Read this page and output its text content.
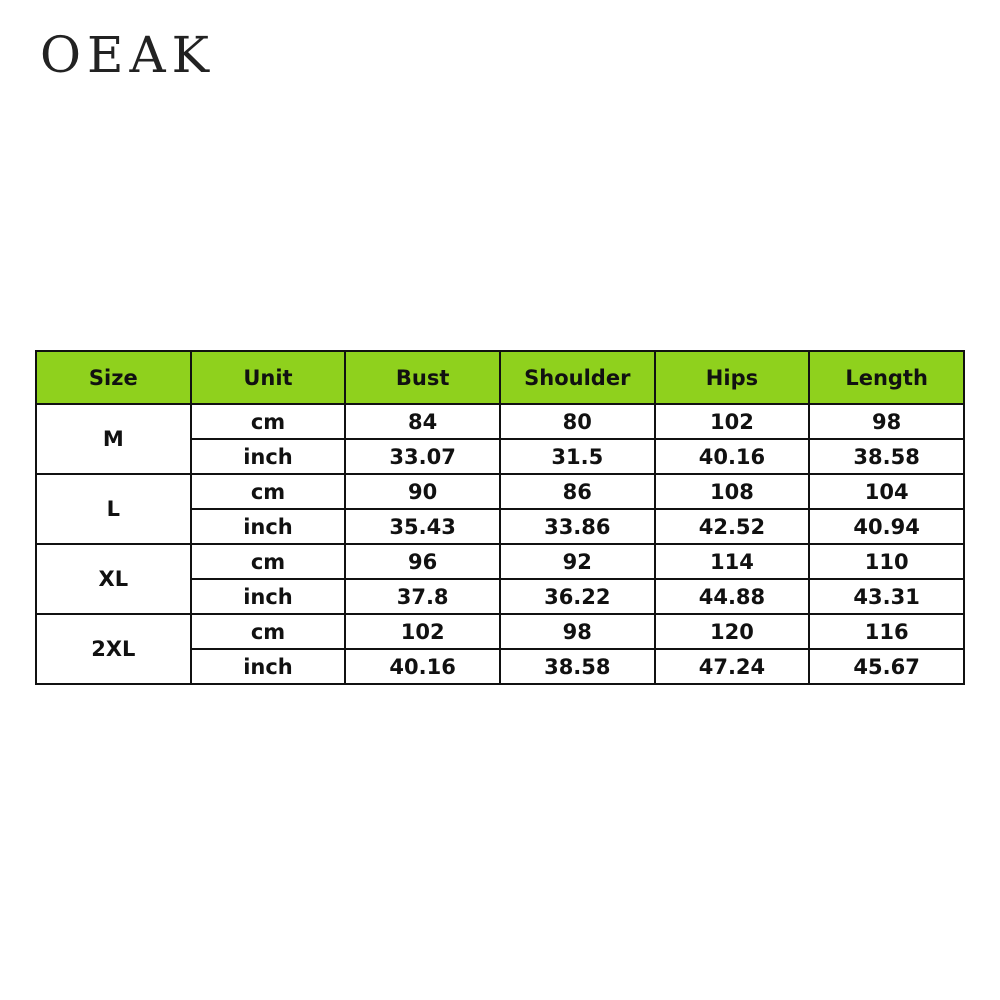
OEAK
Size	Unit	Bust	Shoulder	Hips	Length
M	cm	84	80	102	98
	inch	33.07	31.5	40.16	38.58
L	cm	90	86	108	104
	inch	35.43	33.86	42.52	40.94
XL	cm	96	92	114	110
	inch	37.8	36.22	44.88	43.31
2XL	cm	102	98	120	116
	inch	40.16	38.58	47.24	45.67
